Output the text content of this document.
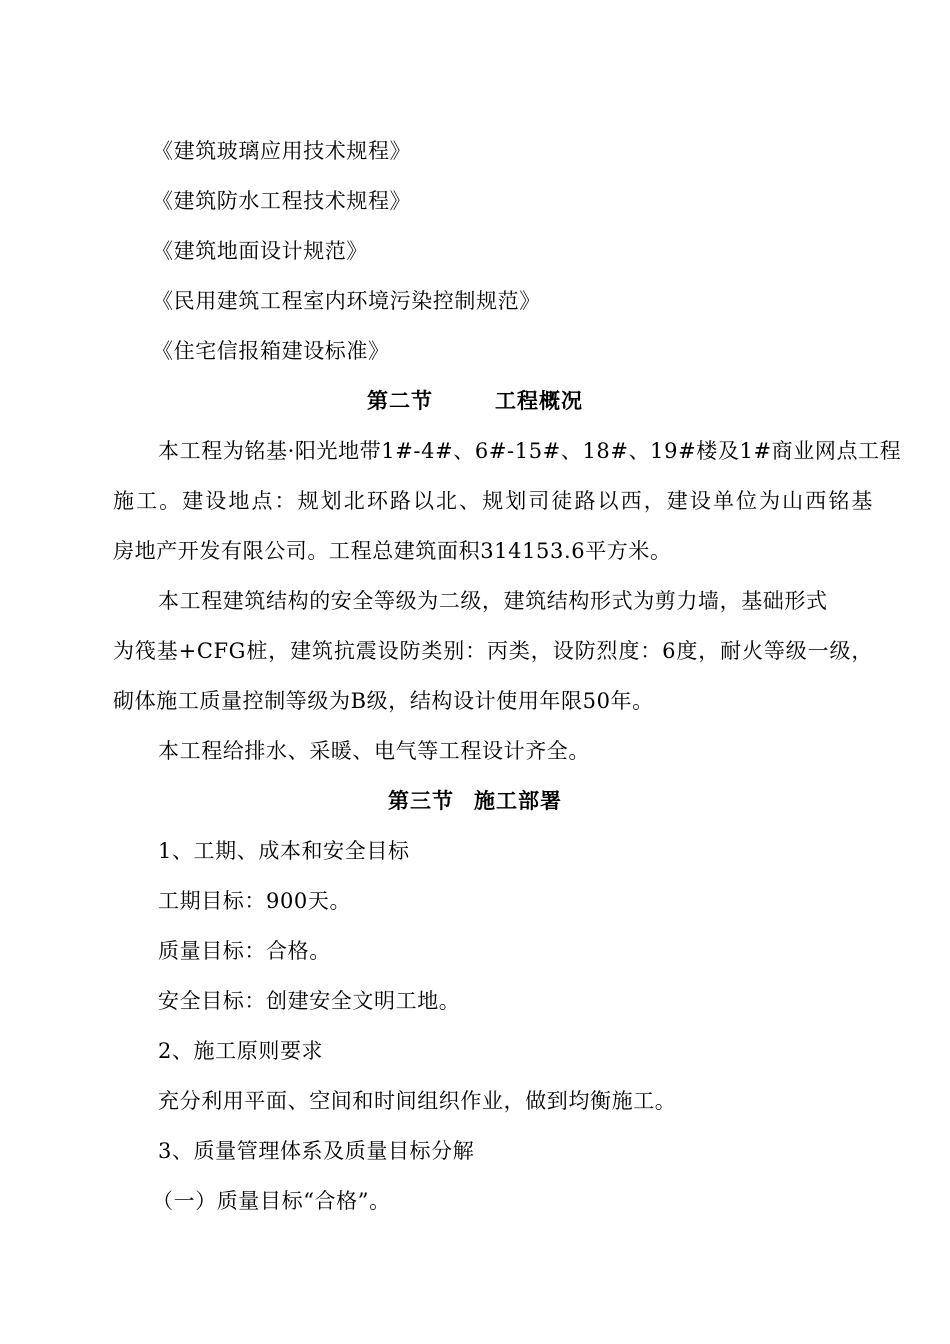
《建筑玻璃应用技术规程》
《建筑防水工程技术规程》
《建筑地面设计规范》
《民用建筑工程室内环境污染控制规范》
《住宅信报箱建设标准》
第二节	工程概况
本工程为铭基·阳光地带1#-4#、6#-15#、18#、19#楼及1#商业网点工程
施工。建设地点：规划北环路以北、规划司徒路以西，建设单位为山西铭基
房地产开发有限公司。工程总建筑面积314153.6平方米。
本工程建筑结构的安全等级为二级，建筑结构形式为剪力墙，基础形式
为筏基+CFG桩，建筑抗震设防类别：丙类，设防烈度：6度，耐火等级一级，
砌体施工质量控制等级为B级，结构设计使用年限50年。
本工程给排水、采暖、电气等工程设计齐全。
第三节 施工部署
1、工期、成本和安全目标
工期目标：900天。
质量目标：合格。
安全目标：创建安全文明工地。
2、施工原则要求
充分利用平面、空间和时间组织作业，做到均衡施工。
3、质量管理体系及质量目标分解
（一）质量目标“合格”。
